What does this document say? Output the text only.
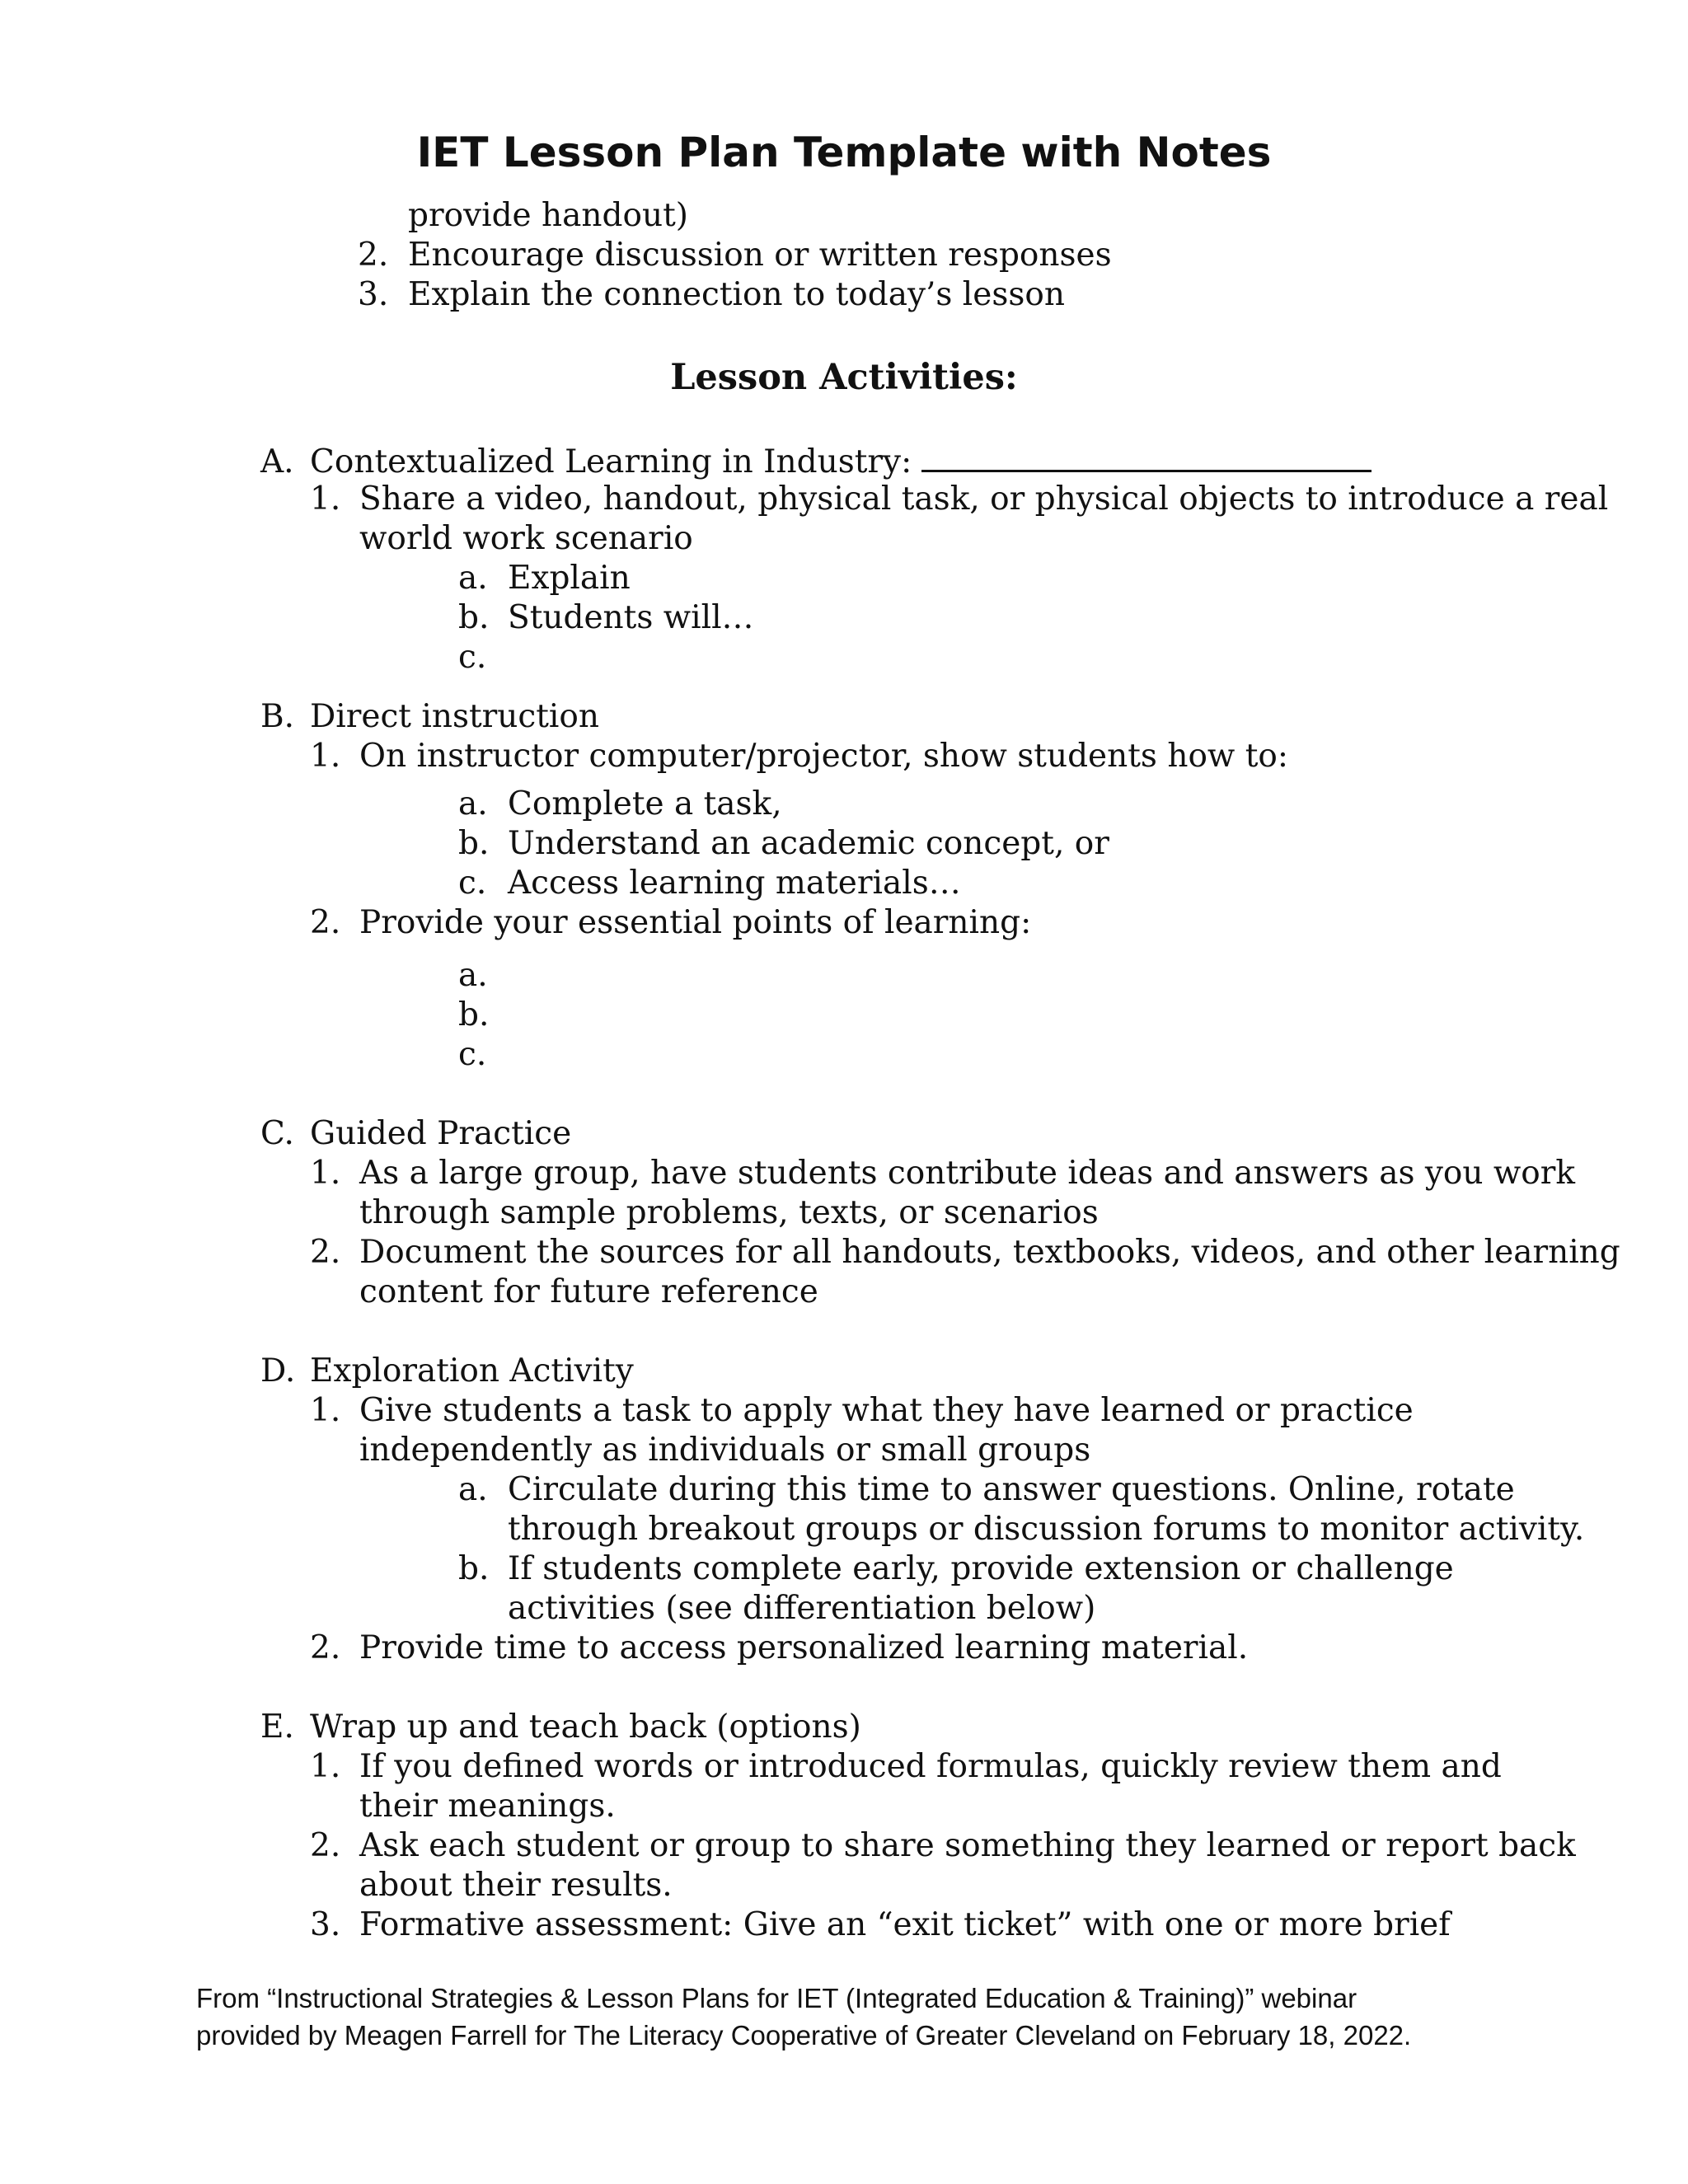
IET Lesson Plan Template with Notes
provide handout)
2. Encourage discussion or written responses
3. Explain the connection to today’s lesson
Lesson Activities:
A. Contextualized Learning in Industry:
1. Share a video, handout, physical task, or physical objects to introduce a real
world work scenario
a. Explain
b. Students will…
c.
B. Direct instruction
1. On instructor computer/projector, show students how to:
a. Complete a task,
b. Understand an academic concept, or
c. Access learning materials…
2. Provide your essential points of learning:
a.
b.
c.
C. Guided Practice
1. As a large group, have students contribute ideas and answers as you work
through sample problems, texts, or scenarios
2. Document the sources for all handouts, textbooks, videos, and other learning
content for future reference
D. Exploration Activity
1. Give students a task to apply what they have learned or practice
independently as individuals or small groups
a. Circulate during this time to answer questions. Online, rotate
through breakout groups or discussion forums to monitor activity.
b. If students complete early, provide extension or challenge
activities (see differentiation below)
2. Provide time to access personalized learning material.
E. Wrap up and teach back (options)
1. If you defined words or introduced formulas, quickly review them and
their meanings.
2. Ask each student or group to share something they learned or report back
about their results.
3. Formative assessment: Give an “exit ticket” with one or more brief
From “Instructional Strategies & Lesson Plans for IET (Integrated Education & Training)” webinar
provided by Meagen Farrell for The Literacy Cooperative of Greater Cleveland on February 18, 2022.
